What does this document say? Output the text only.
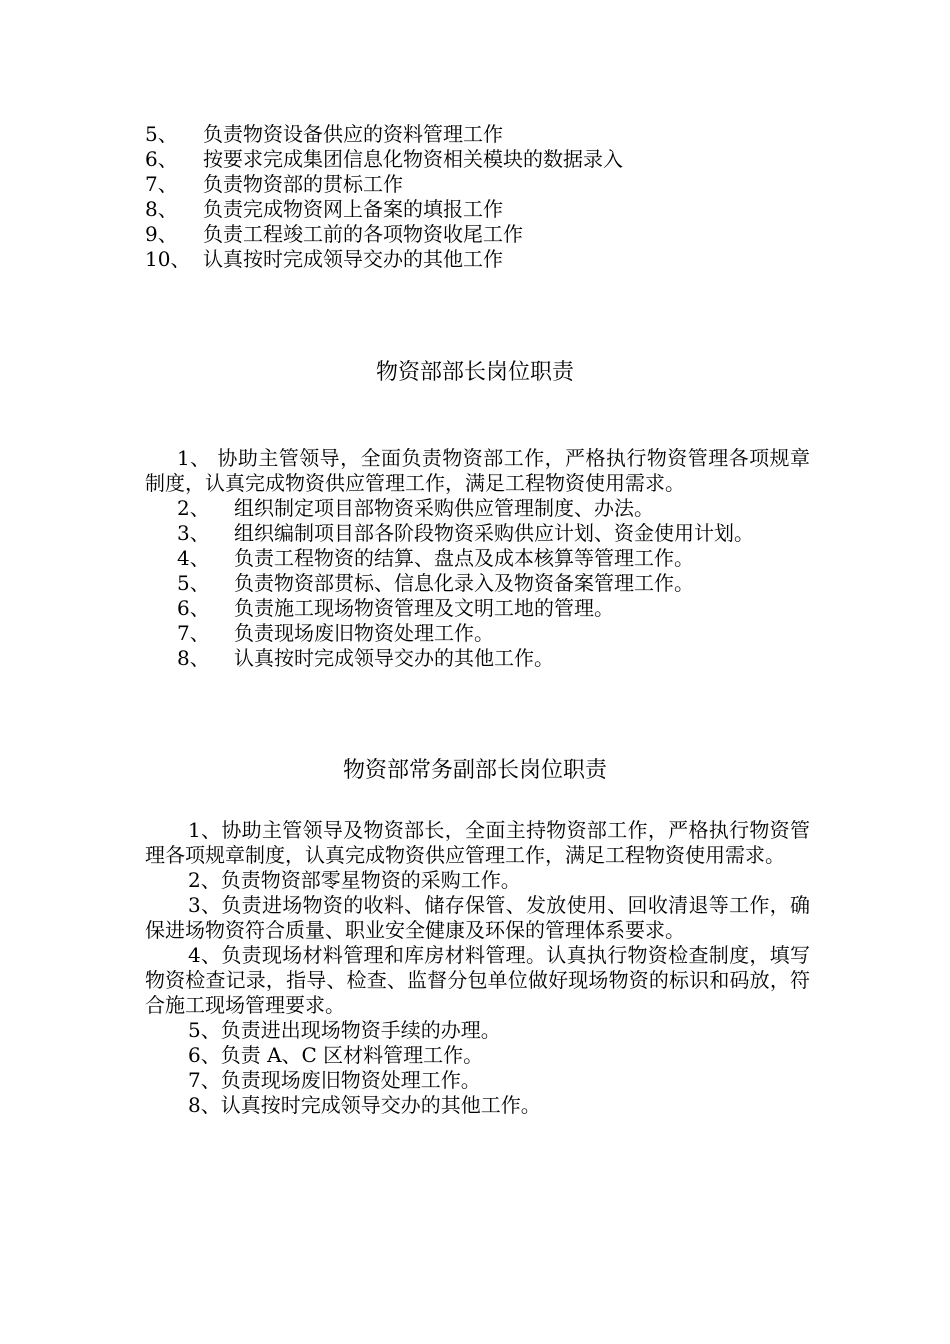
5、	负责物资设备供应的资料管理工作
6、	按要求完成集团信息化物资相关模块的数据录入
7、	负责物资部的贯标工作
8、	负责完成物资网上备案的填报工作
9、	负责工程竣工前的各项物资收尾工作
10、 认真按时完成领导交办的其他工作
物资部部长岗位职责
1、 协助主管领导，全面负责物资部工作，严格执行物资管理各项规章制度，认真完成物资供应管理工作，满足工程物资使用需求。
2、	组织制定项目部物资采购供应管理制度、办法。
3、	组织编制项目部各阶段物资采购供应计划、资金使用计划。
4、	负责工程物资的结算、盘点及成本核算等管理工作。
5、	负责物资部贯标、信息化录入及物资备案管理工作。
6、	负责施工现场物资管理及文明工地的管理。
7、	负责现场废旧物资处理工作。
8、	认真按时完成领导交办的其他工作。
物资部常务副部长岗位职责
1、协助主管领导及物资部长，全面主持物资部工作，严格执行物资管理各项规章制度，认真完成物资供应管理工作，满足工程物资使用需求。
2、负责物资部零星物资的采购工作。
3、负责进场物资的收料、储存保管、发放使用、回收清退等工作，确保进场物资符合质量、职业安全健康及环保的管理体系要求。
4、负责现场材料管理和库房材料管理。认真执行物资检查制度，填写物资检查记录，指导、检查、监督分包单位做好现场物资的标识和码放，符合施工现场管理要求。
5、负责进出现场物资手续的办理。
6、负责 A、C 区材料管理工作。
7、负责现场废旧物资处理工作。
8、认真按时完成领导交办的其他工作。
